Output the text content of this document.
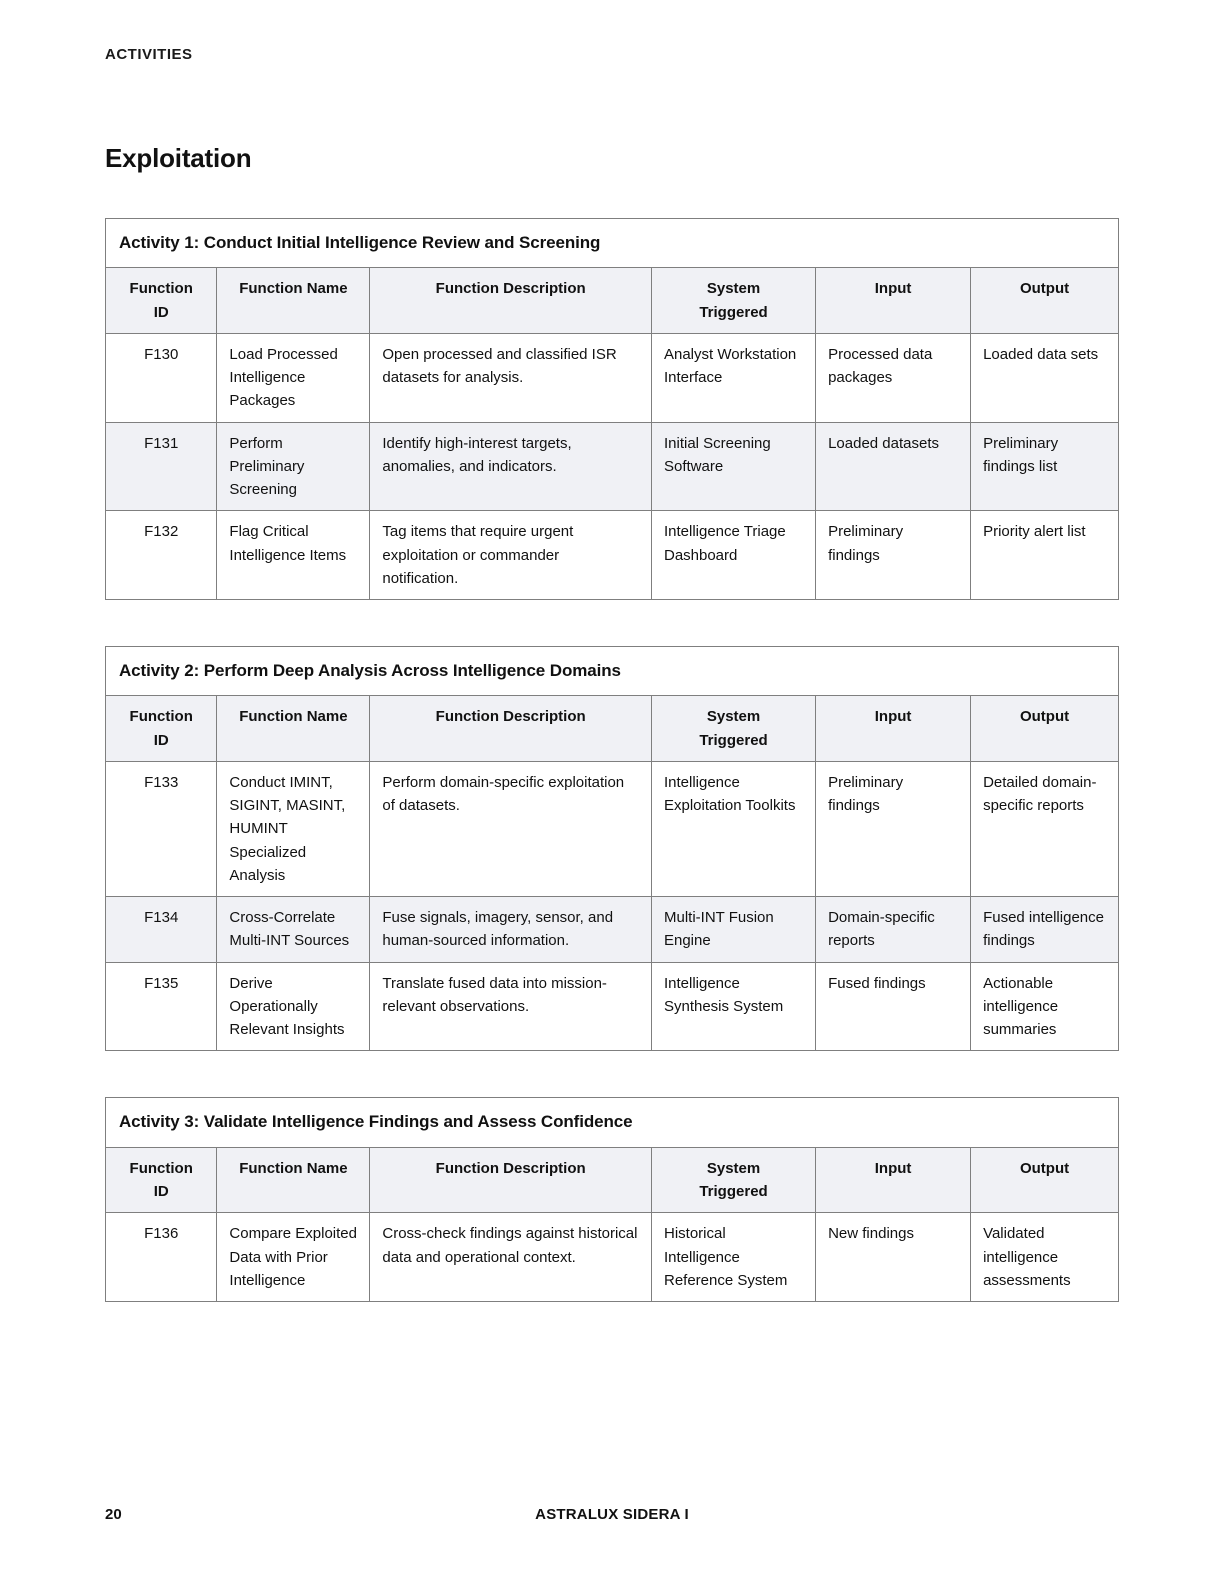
ACTIVITIES
Exploitation
Activity 1: Conduct Initial Intelligence Review and Screening					
Function ID	Function Name	Function Description	System Triggered	Input	Output
F130	Load Processed Intelligence Packages	Open processed and classified ISR datasets for analysis.	Analyst Workstation Interface	Processed data packages	Loaded data sets
F131	Perform Preliminary Screening	Identify high-interest targets, anomalies, and indicators.	Initial Screening Software	Loaded datasets	Preliminary findings list
F132	Flag Critical Intelligence Items	Tag items that require urgent exploitation or commander notification.	Intelligence Triage Dashboard	Preliminary findings	Priority alert list
Activity 2: Perform Deep Analysis Across Intelligence Domains					
Function ID	Function Name	Function Description	System Triggered	Input	Output
F133	Conduct IMINT, SIGINT, MASINT, HUMINT Specialized Analysis	Perform domain-specific exploitation of datasets.	Intelligence Exploitation Toolkits	Preliminary findings	Detailed domain-specific reports
F134	Cross-Correlate Multi-INT Sources	Fuse signals, imagery, sensor, and human-sourced information.	Multi-INT Fusion Engine	Domain-specific reports	Fused intelligence findings
F135	Derive Operationally Relevant Insights	Translate fused data into mission-relevant observations.	Intelligence Synthesis System	Fused findings	Actionable intelligence summaries
Activity 3: Validate Intelligence Findings and Assess Confidence					
Function ID	Function Name	Function Description	System Triggered	Input	Output
F136	Compare Exploited Data with Prior Intelligence	Cross-check findings against historical data and operational context.	Historical Intelligence Reference System	New findings	Validated intelligence assessments
20	ASTRALUX SIDERA I
